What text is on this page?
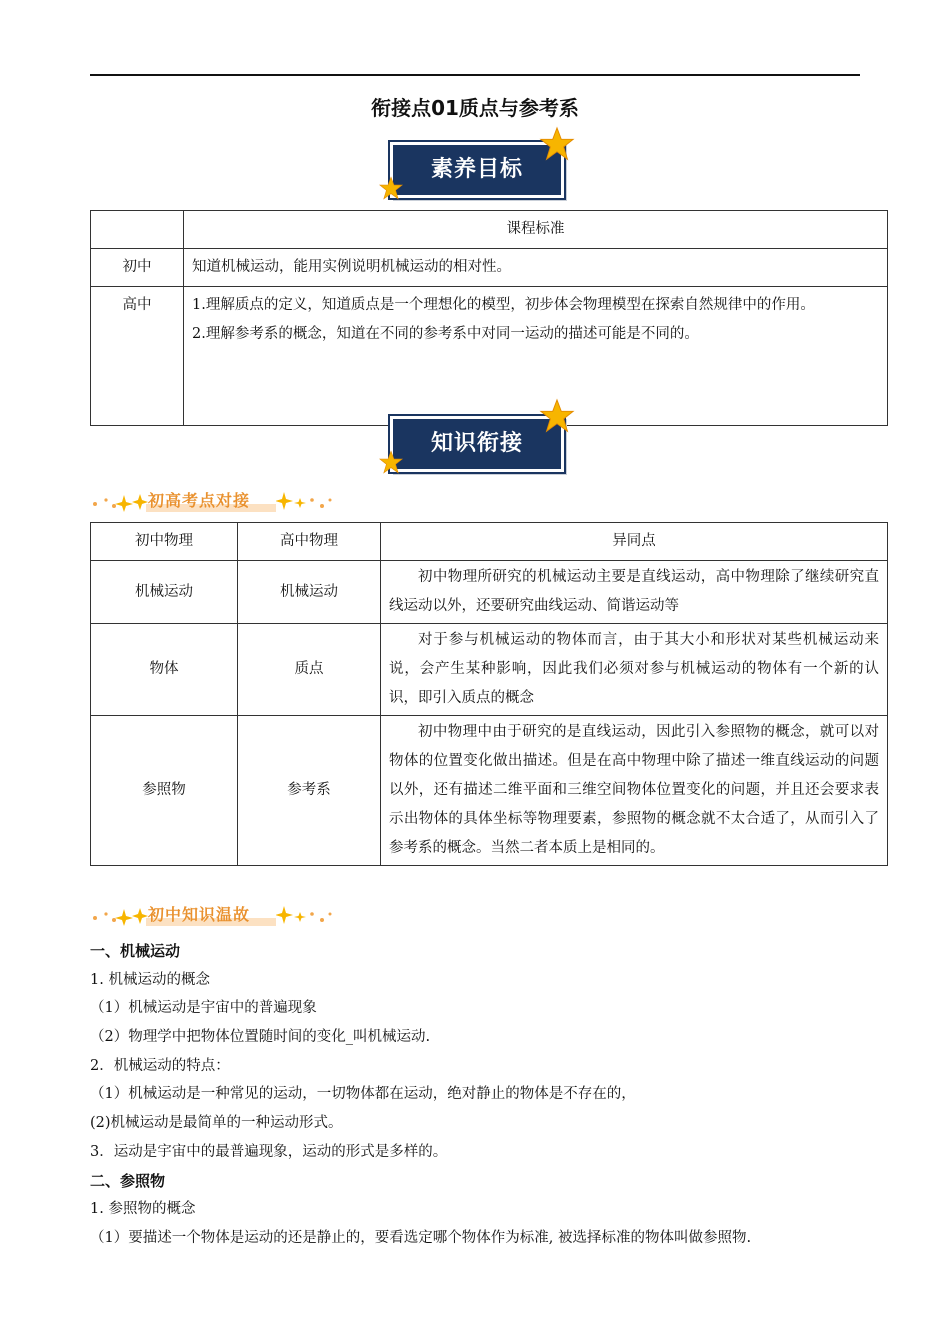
衔接点01质点与参考系
素养目标
	课程标准
初中	知道机械运动，能用实例说明机械运动的相对性。
高中	1.理解质点的定义，知道质点是一个理想化的模型，初步体会物理模型在探索自然规律中的作用。
2.理解参考系的概念，知道在不同的参考系中对同一运动的描述可能是不同的。
知识衔接
初高考点对接
初中物理	高中物理	异同点
机械运动	机械运动	初中物理所研究的机械运动主要是直线运动，高中物理除了继续研究直线运动以外，还要研究曲线运动、简谐运动等
物体	质点	对于参与机械运动的物体而言，由于其大小和形状对某些机械运动来说，会产生某种影响，因此我们必须对参与机械运动的物体有一个新的认识，即引入质点的概念
参照物	参考系	初中物理中由于研究的是直线运动，因此引入参照物的概念，就可以对物体的位置变化做出描述。但是在高中物理中除了描述一维直线运动的问题以外，还有描述二维平面和三维空间物体位置变化的问题，并且还会要求表示出物体的具体坐标等物理要素，参照物的概念就不太合适了，从而引入了参考系的概念。当然二者本质上是相同的。
初中知识温故
一、机械运动
1. 机械运动的概念
（1）机械运动是宇宙中的普遍现象
（2）物理学中把物体位置随时间的变化_叫机械运动.
2．机械运动的特点：
（1）机械运动是一种常见的运动，一切物体都在运动，绝对静止的物体是不存在的，
(2)机械运动是最简单的一种运动形式。
3．运动是宇宙中的最普遍现象，运动的形式是多样的。
二、参照物
1. 参照物的概念
（1）要描述一个物体是运动的还是静止的，要看选定哪个物体作为标准, 被选择标准的物体叫做参照物.
